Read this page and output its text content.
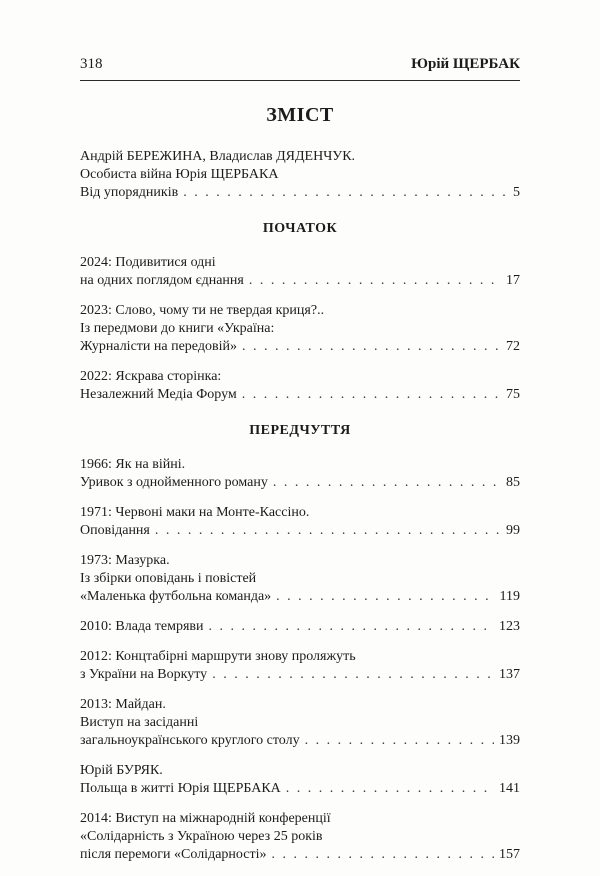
318	Юрій ЩЕРБАК
ЗМІСТ
Андрій БЕРЕЖИНА, Владислав ДЯДЕНЧУК.
Особиста війна Юрія ЩЕРБАКА
Від упорядників . . .	5
ПОЧАТОК
2024: Подивитися одні
на одних поглядом єднання . . .	17
2023: Слово, чому ти не твердая криця?..
Із передмови до книги «Україна:
Журналісти на передовій» . . .	72
2022: Яскрава сторінка:
Незалежний Медіа Форум . . .	75
ПЕРЕДЧУТТЯ
1966: Як на війні.
Уривок з однойменного роману . . .	85
1971: Червоні маки на Монте-Кассіно.
Оповідання . . .	99
1973: Мазурка.
Із збірки оповідань і повістей
«Маленька футбольна команда» . . .	119
2010: Влада темряви . . .	123
2012: Концтабірні маршрути знову проляжуть
з України на Воркуту . . .	137
2013: Майдан.
Виступ на засіданні
загальноукраїнського круглого столу . . .	139
Юрій БУРЯК.
Польща в житті Юрія ЩЕРБАКА . . .	141
2014: Виступ на міжнародній конференції
«Солідарність з Україною через 25 років
після перемоги «Солідарності» . . .	157
